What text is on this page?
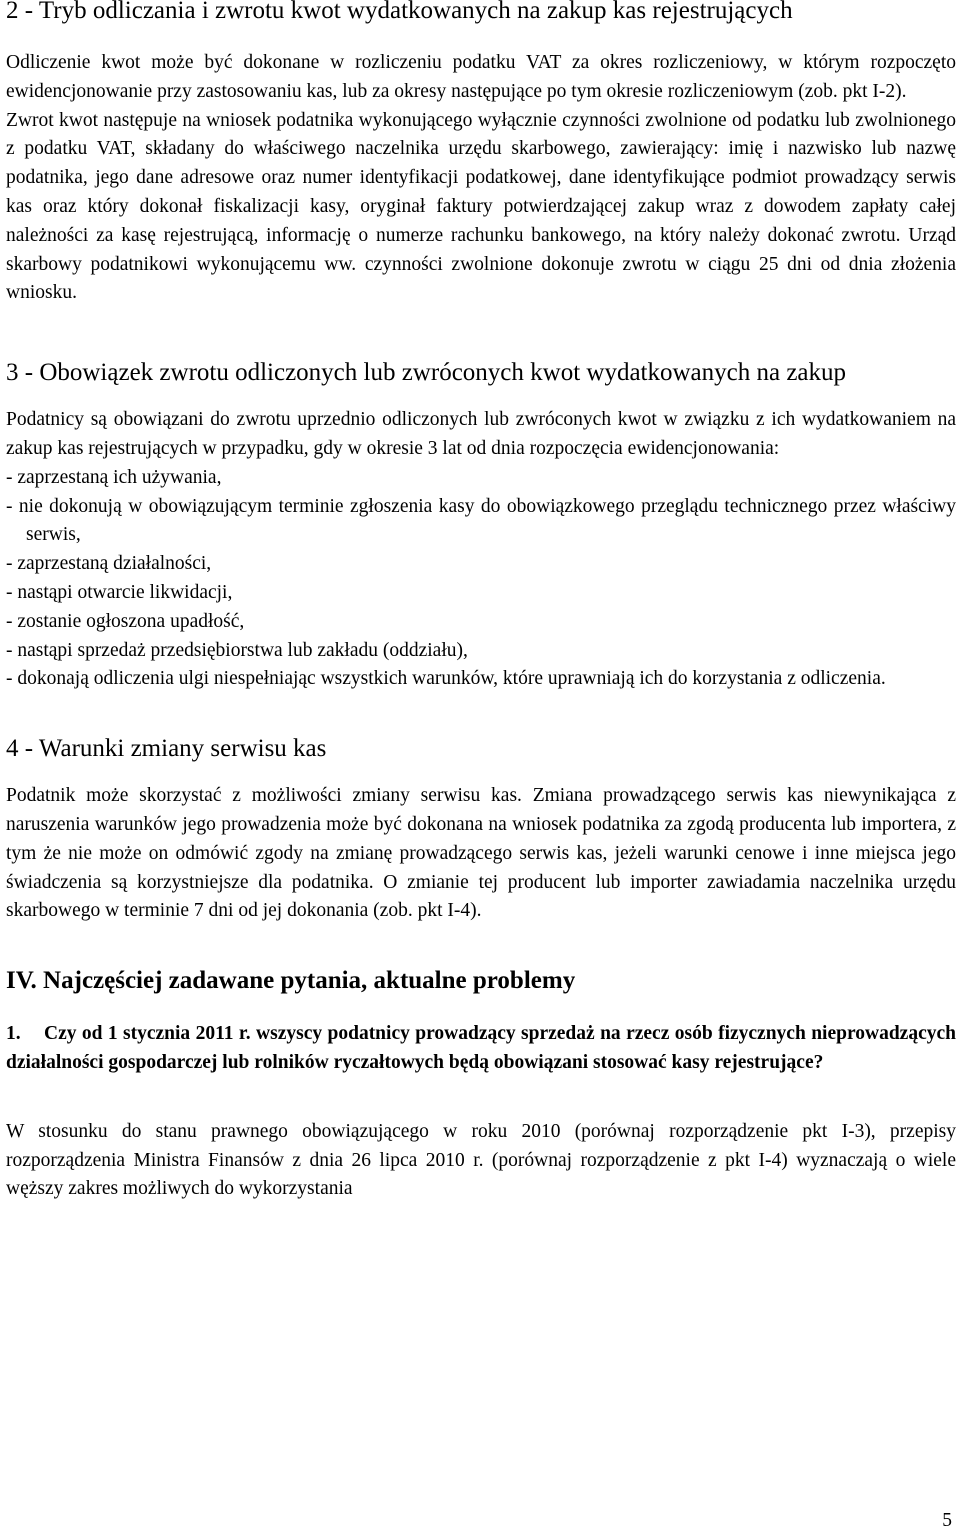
2 - Tryb odliczania i zwrotu kwot wydatkowanych na zakup kas rejestrujących

Odliczenie kwot może być dokonane w rozliczeniu podatku VAT za okres rozliczeniowy, w którym rozpoczęto ewidencjonowanie przy zastosowaniu kas, lub za okresy następujące po tym okresie rozliczeniowym (zob. pkt I-2).

Zwrot kwot następuje na wniosek podatnika wykonującego wyłącznie czynności zwolnione od podatku lub zwolnionego z podatku VAT, składany do właściwego naczelnika urzędu skarbowego, zawierający: imię i nazwisko lub nazwę podatnika, jego dane adresowe oraz numer identyfikacji podatkowej, dane identyfikujące podmiot prowadzący serwis kas oraz który dokonał fiskalizacji kasy, oryginał faktury potwierdzającej zakup wraz z dowodem zapłaty całej należności za kasę rejestrującą, informację o numerze rachunku bankowego, na który należy dokonać zwrotu. Urząd skarbowy podatnikowi wykonującemu ww. czynności zwolnione dokonuje zwrotu w ciągu 25 dni od dnia złożenia wniosku.

3 - Obowiązek zwrotu odliczonych lub zwróconych kwot wydatkowanych na zakup

Podatnicy są obowiązani do zwrotu uprzednio odliczonych lub zwróconych kwot w związku z ich wydatkowaniem na zakup kas rejestrujących w przypadku, gdy w okresie 3 lat od dnia rozpoczęcia ewidencjonowania:

- zaprzestaną ich używania,
- nie dokonują w obowiązującym terminie zgłoszenia kasy do obowiązkowego przeglądu technicznego przez właściwy serwis,
- zaprzestaną działalności,
- nastąpi otwarcie likwidacji,
- zostanie ogłoszona upadłość,
- nastąpi sprzedaż przedsiębiorstwa lub zakładu (oddziału),
- dokonają odliczenia ulgi niespełniając wszystkich warunków, które uprawniają ich do korzystania z odliczenia.

4 - Warunki zmiany serwisu kas

Podatnik może skorzystać z możliwości zmiany serwisu kas. Zmiana prowadzącego serwis kas niewynikająca z naruszenia warunków jego prowadzenia może być dokonana na wniosek podatnika za zgodą producenta lub importera, z tym że nie może on odmówić zgody na zmianę prowadzącego serwis kas, jeżeli warunki cenowe i inne miejsca jego świadczenia są korzystniejsze dla podatnika. O zmianie tej producent lub importer zawiadamia naczelnika urzędu skarbowego w terminie 7 dni od jej dokonania (zob. pkt I-4).

IV. Najczęściej zadawane pytania, aktualne problemy

1. Czy od 1 stycznia 2011 r. wszyscy podatnicy prowadzący sprzedaż na rzecz osób fizycznych nieprowadzących działalności gospodarczej lub rolników ryczałtowych będą obowiązani stosować kasy rejestrujące?

W stosunku do stanu prawnego obowiązującego w roku 2010 (porównaj rozporządzenie pkt I-3), przepisy rozporządzenia Ministra Finansów z dnia 26 lipca 2010 r. (porównaj rozporządzenie z pkt I-4) wyznaczają o wiele węższy zakres możliwych do wykorzystania

5
